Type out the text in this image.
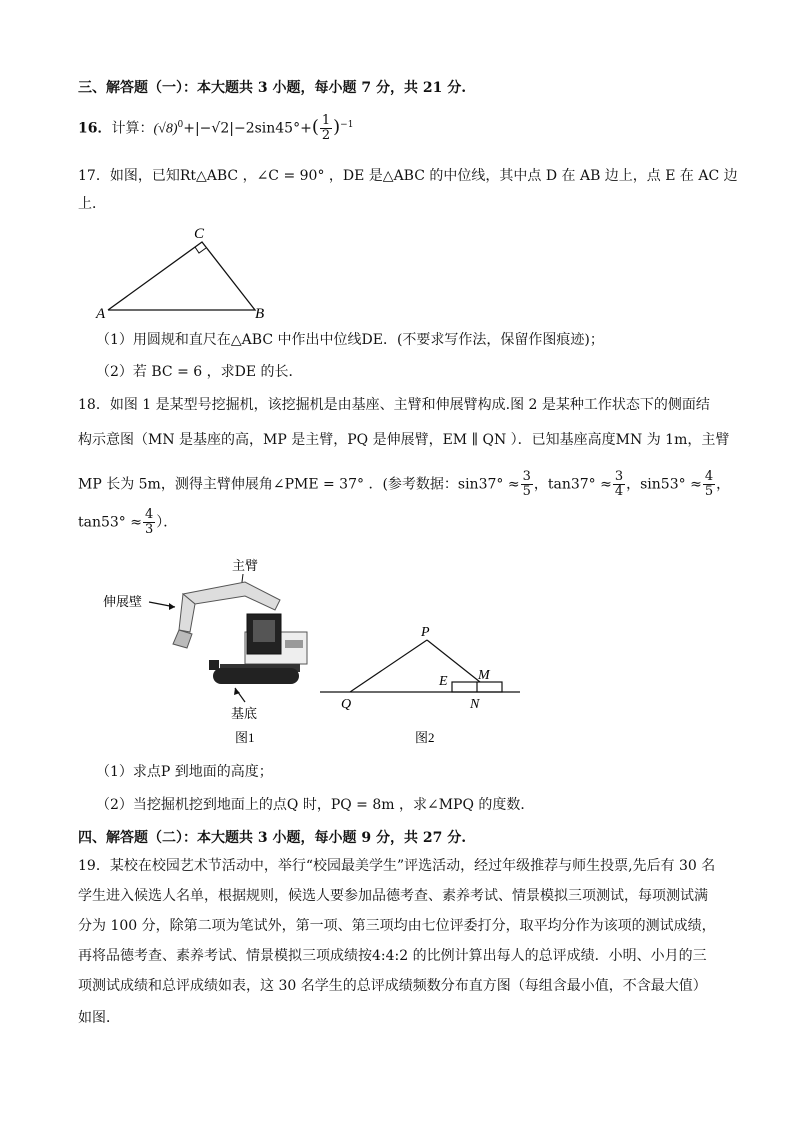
三、解答题（一）：本大题共 3 小题，每小题 7 分，共 21 分.
16．计算：$(√8)^0+|-√2|-2\sin 45^\circ+( \frac{1}{2} )^{-1}$
17．如图，已知Rt△ABC ，∠C = 90° ，DE 是△ABC 的中位线，其中点 D 在 AB 边上，点 E 在 AC 边
上．
C
A	B
（1）用圆规和直尺在△ABC 中作出中位线DE．(不要求写作法，保留作图痕迹)；
（2）若 BC = 6 ，求DE 的长．
18．如图 1 是某型号挖掘机，该挖掘机是由基座、主臂和伸展臂构成.图 2 是某种工作状态下的侧面结
构示意图（MN 是基座的高，MP 是主臂，PQ 是伸展臂，EM ∥ QN ）．已知基座高度MN 为 1m，主臂
MP 长为 5m，测得主臂伸展角∠PME = 37° ．(参考数据：$\sin 37^\circ \approx \frac{3}{5}$ ，$\tan 37^\circ \approx \frac{3}{4}$ ，$\sin 53^\circ \approx \frac{4}{5}$ ，
$\tan 53^\circ \approx \frac{4}{3}$ ）．
主臂
伸展壁
基底
图1
P
E M
Q	N
图2
（1）求点P 到地面的高度；
（2）当挖掘机挖到地面上的点Q 时，PQ = 8m ，求∠MPQ 的度数．
四、解答题（二）：本大题共 3 小题，每小题 9 分，共 27 分.
19．某校在校园艺术节活动中，举行“校园最美学生”评选活动，经过年级推荐与师生投票,先后有 30 名
学生进入候选人名单，根据规则，候选人要参加品德考查、素养考试、情景模拟三项测试，每项测试满
分为 100 分，除第二项为笔试外，第一项、第三项均由七位评委打分，取平均分作为该项的测试成绩，
再将品德考查、素养考试、情景模拟三项成绩按4:4:2 的比例计算出每人的总评成绩．小明、小月的三
项测试成绩和总评成绩如表，这 30 名学生的总评成绩频数分布直方图（每组含最小值，不含最大值）
如图．
